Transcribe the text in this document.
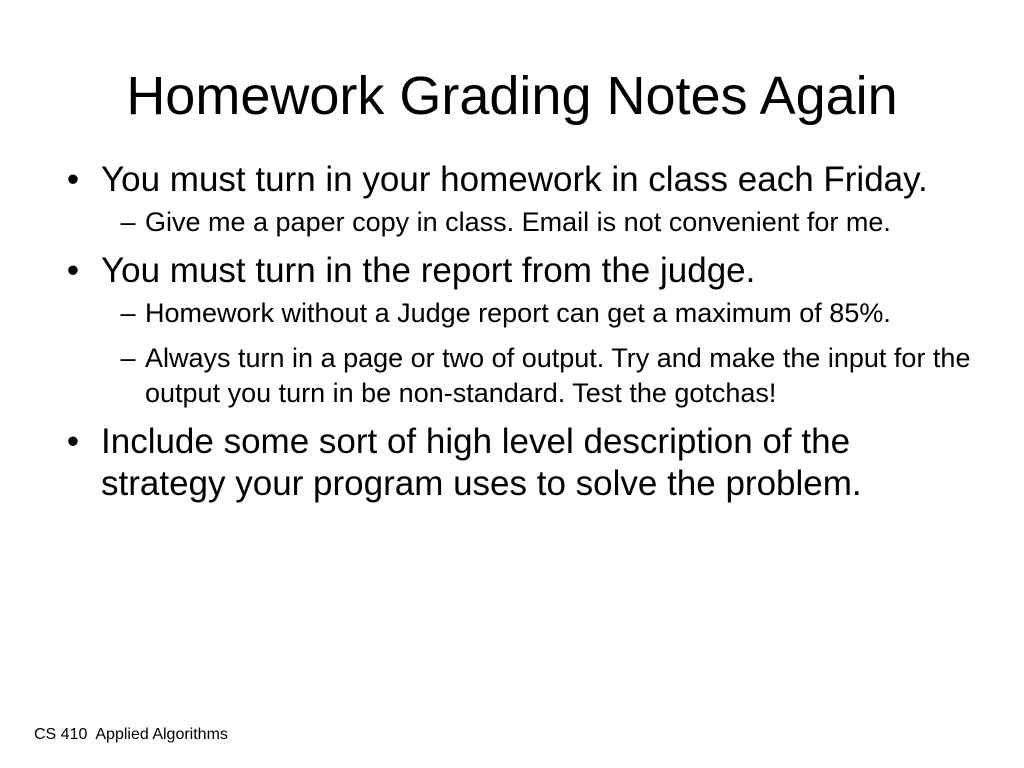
Homework Grading Notes Again
• You must turn in your homework in class each Friday.
– Give me a paper copy in class. Email is not convenient for me.
• You must turn in the report from the judge.
– Homework without a Judge report can get a maximum of 85%.
– Always turn in a page or two of output. Try and make the input for the output you turn in be non-standard. Test the gotchas!
• Include some sort of high level description of the strategy your program uses to solve the problem.
CS 410  Applied Algorithms
